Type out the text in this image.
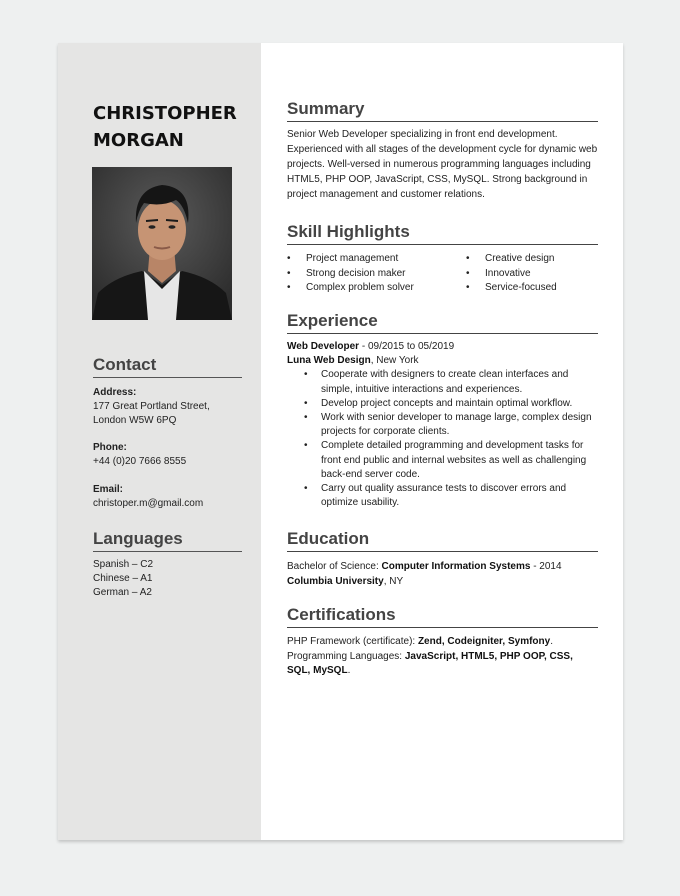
CHRISTOPHER
MORGAN
Contact
Address:
177 Great Portland Street,
London W5W 6PQ
Phone:
+44 (0)20 7666 8555
Email:
christoper.m@gmail.com
Languages
Spanish – C2
Chinese – A1
German – A2
Summary

Senior Web Developer specializing in front end development. Experienced with all stages of the development cycle for dynamic web projects. Well-versed in numerous programming languages including HTML5, PHP OOP, JavaScript, CSS, MySQL. Strong background in project management and customer relations.

Skill Highlights
• Project management
• Strong decision maker
• Complex problem solver
• Creative design
• Innovative
• Service-focused
Experience
Web Developer - 09/2015 to 05/2019
Luna Web Design, New York
• Cooperate with designers to create clean interfaces and simple, intuitive interactions and experiences.
• Develop project concepts and maintain optimal workflow.
• Work with senior developer to manage large, complex design projects for corporate clients.
• Complete detailed programming and development tasks for front end public and internal websites as well as challenging back-end server code.
• Carry out quality assurance tests to discover errors and optimize usability.
Education
Bachelor of Science: Computer Information Systems - 2014
Columbia University, NY
Certifications
PHP Framework (certificate): Zend, Codeigniter, Symfony.
Programming Languages: JavaScript, HTML5, PHP OOP, CSS, SQL, MySQL.
